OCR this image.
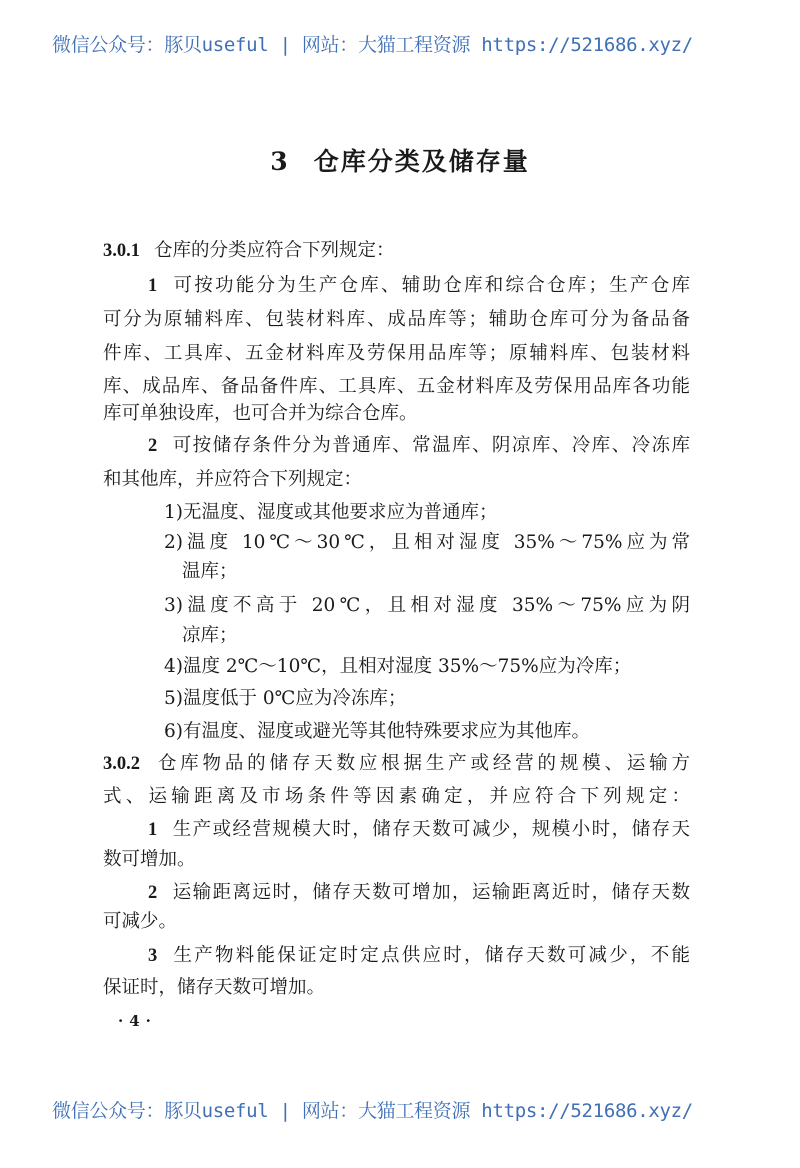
微信公众号：豚贝useful | 网站：大猫工程资源 https://521686.xyz/
3 仓库分类及储存量
3.0.1 仓库的分类应符合下列规定：
1 可按功能分为生产仓库、辅助仓库和综合仓库；生产仓库
可分为原辅料库、包装材料库、成品库等；辅助仓库可分为备品备
件库、工具库、五金材料库及劳保用品库等；原辅料库、包装材料
库、成品库、备品备件库、工具库、五金材料库及劳保用品库各功能
库可单独设库，也可合并为综合仓库。
2 可按储存条件分为普通库、常温库、阴凉库、冷库、冷冻库
和其他库，并应符合下列规定：
1)无温度、湿度或其他要求应为普通库；
2)温度 10℃～30℃，且相对湿度 35%～75%应为常
温库；
3)温度不高于 20℃，且相对湿度 35%～75%应为阴
凉库；
4)温度 2℃～10℃，且相对湿度 35%～75%应为冷库；
5)温度低于 0℃应为冷冻库；
6)有温度、湿度或避光等其他特殊要求应为其他库。
3.0.2 仓库物品的储存天数应根据生产或经营的规模、运输方
式、运输距离及市场条件等因素确定，并应符合下列规定：
1 生产或经营规模大时，储存天数可减少，规模小时，储存天
数可增加。
2 运输距离远时，储存天数可增加，运输距离近时，储存天数
可减少。
3 生产物料能保证定时定点供应时，储存天数可减少，不能
保证时，储存天数可增加。
·4·
微信公众号：豚贝useful | 网站：大猫工程资源 https://521686.xyz/
